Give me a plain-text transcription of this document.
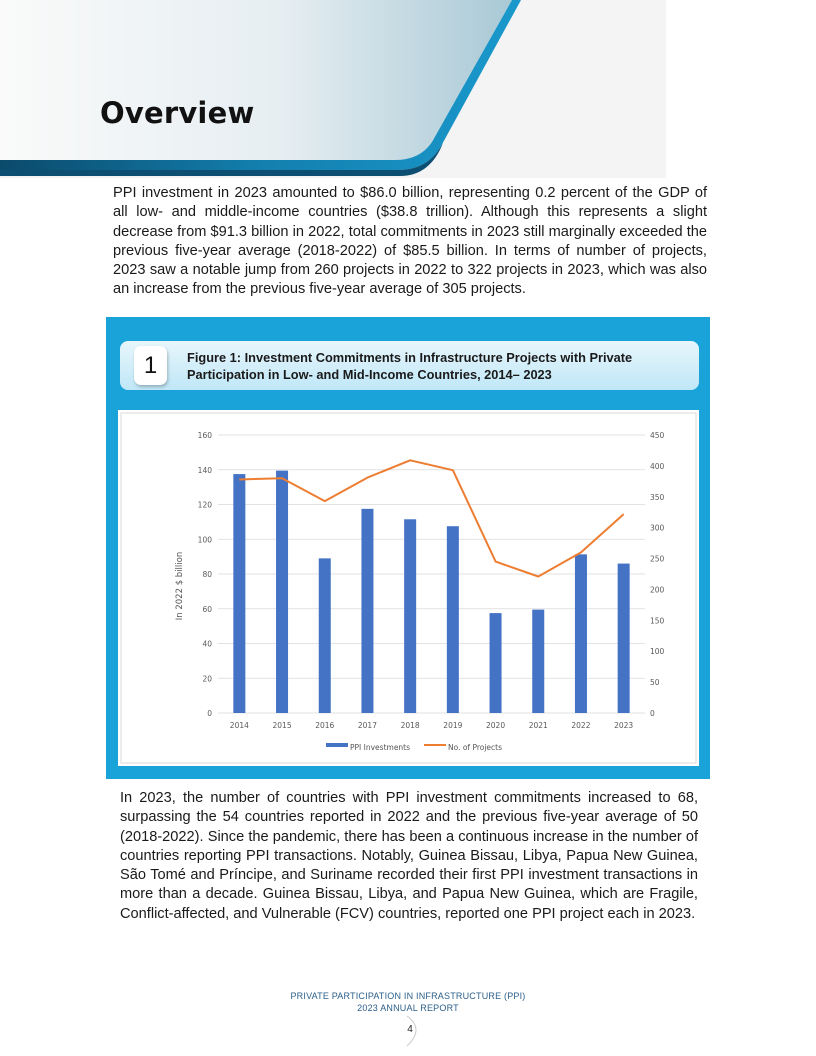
Overview

PPI investment in 2023 amounted to $86.0 billion, representing 0.2 percent of the GDP of all low- and middle-income countries ($38.8 trillion). Although this represents a slight decrease from $91.3 billion in 2022, total commitments in 2023 still marginally exceeded the previous five-year average (2018-2022) of $85.5 billion. In terms of number of projects, 2023 saw a notable jump from 260 projects in 2022 to 322 projects in 2023, which was also an increase from the previous five-year average of 305 projects.

1	Figure 1: Investment Commitments in Infrastructure Projects with Private Participation in Low- and Mid-Income Countries, 2014– 2023
0
20
40
60
80
100
120
140
160
0
50
100
150
200
250
300
350
400
450
2014	2015	2016	2017	2018	2019	2020	2021	2022	2023
In 2022 $ billion
PPI Investments	No. of Projects

In 2023, the number of countries with PPI investment commitments increased to 68, surpassing the 54 countries reported in 2022 and the previous five-year average of 50 (2018-2022). Since the pandemic, there has been a continuous increase in the number of countries reporting PPI transactions. Notably, Guinea Bissau, Libya, Papua New Guinea, São Tomé and Príncipe, and Suriname recorded their first PPI investment transactions in more than a decade. Guinea Bissau, Libya, and Papua New Guinea, which are Fragile, Conflict-affected, and Vulnerable (FCV) countries, reported one PPI project each in 2023.

PRIVATE PARTICIPATION IN INFRASTRUCTURE (PPI)
2023 ANNUAL REPORT
4
